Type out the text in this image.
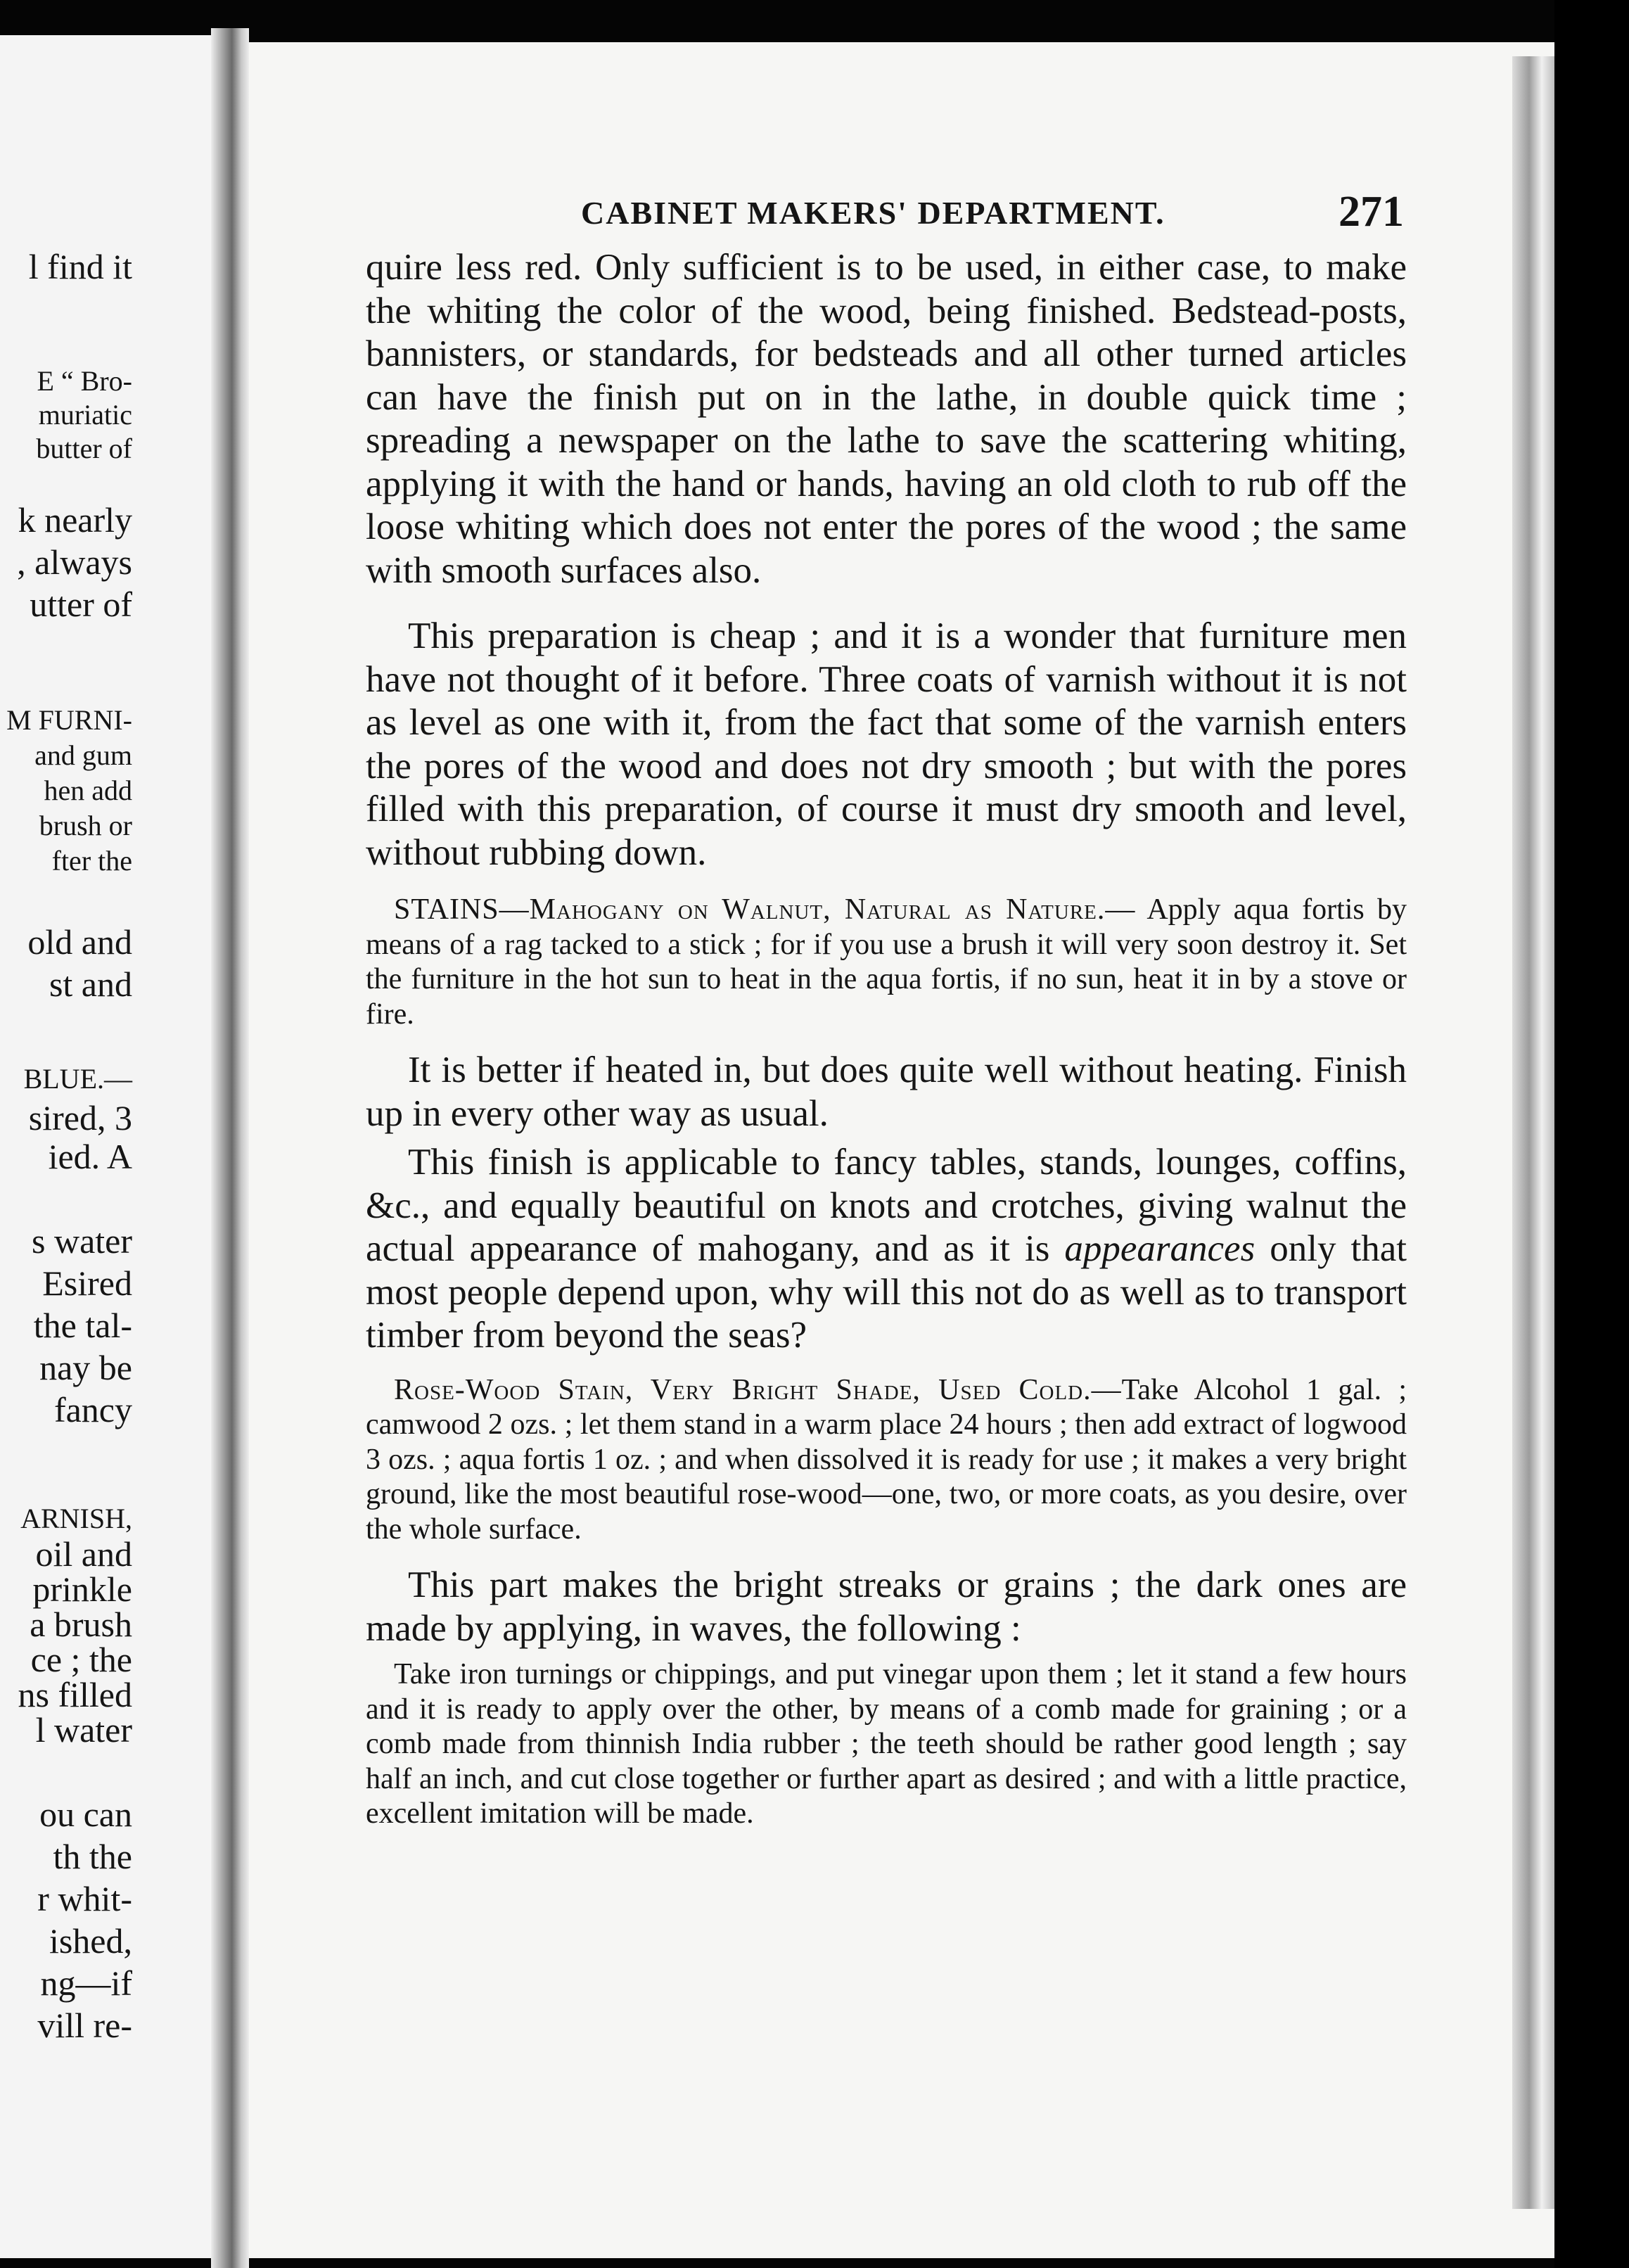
l find it
E “ Bro-
muriatic
butter of
k nearly
, always
utter of
M FURNI-
and gum
hen add
brush or
fter the
old and
st and
BLUE.—
sired, 3
ied. A
s water
Esired
the tal-
nay be
fancy
ARNISH,
oil and
prinkle
a brush
ce ; the
ns filled
l water
ou can
th the
r whit-
ished,
ng—if
vill re-
CABINET MAKERS' DEPARTMENT.	271

quire less red. Only sufficient is to be used, in either case, to make the whiting the color of the wood, being finished. Bedstead-posts, bannisters, or standards, for bedsteads and all other turned articles can have the finish put on in the lathe, in double quick time ; spreading a newspaper on the lathe to save the scattering whiting, applying it with the hand or hands, having an old cloth to rub off the loose whiting which does not enter the pores of the wood ; the same with smooth surfaces also.

This preparation is cheap ; and it is a wonder that furniture men have not thought of it before. Three coats of varnish without it is not as level as one with it, from the fact that some of the varnish enters the pores of the wood and does not dry smooth ; but with the pores filled with this preparation, of course it must dry smooth and level, without rubbing down.

STAINS—Mahogany on Walnut, Natural as Nature.— Apply aqua fortis by means of a rag tacked to a stick ; for if you use a brush it will very soon destroy it. Set the furniture in the hot sun to heat in the aqua fortis, if no sun, heat it in by a stove or fire.

It is better if heated in, but does quite well without heating. Finish up in every other way as usual.

This finish is applicable to fancy tables, stands, lounges, coffins, &c., and equally beautiful on knots and crotches, giving walnut the actual appearance of mahogany, and as it is appearances only that most people depend upon, why will this not do as well as to transport timber from beyond the seas?

Rose-Wood Stain, Very Bright Shade, Used Cold.—Take Alcohol 1 gal. ; camwood 2 ozs. ; let them stand in a warm place 24 hours ; then add extract of logwood 3 ozs. ; aqua fortis 1 oz. ; and when dissolved it is ready for use ; it makes a very bright ground, like the most beautiful rose-wood—one, two, or more coats, as you desire, over the whole surface.

This part makes the bright streaks or grains ; the dark ones are made by applying, in waves, the following :

Take iron turnings or chippings, and put vinegar upon them ; let it stand a few hours and it is ready to apply over the other, by means of a comb made for graining ; or a comb made from thinnish India rubber ; the teeth should be rather good length ; say half an inch, and cut close together or further apart as desired ; and with a little practice, excellent imitation will be made.
